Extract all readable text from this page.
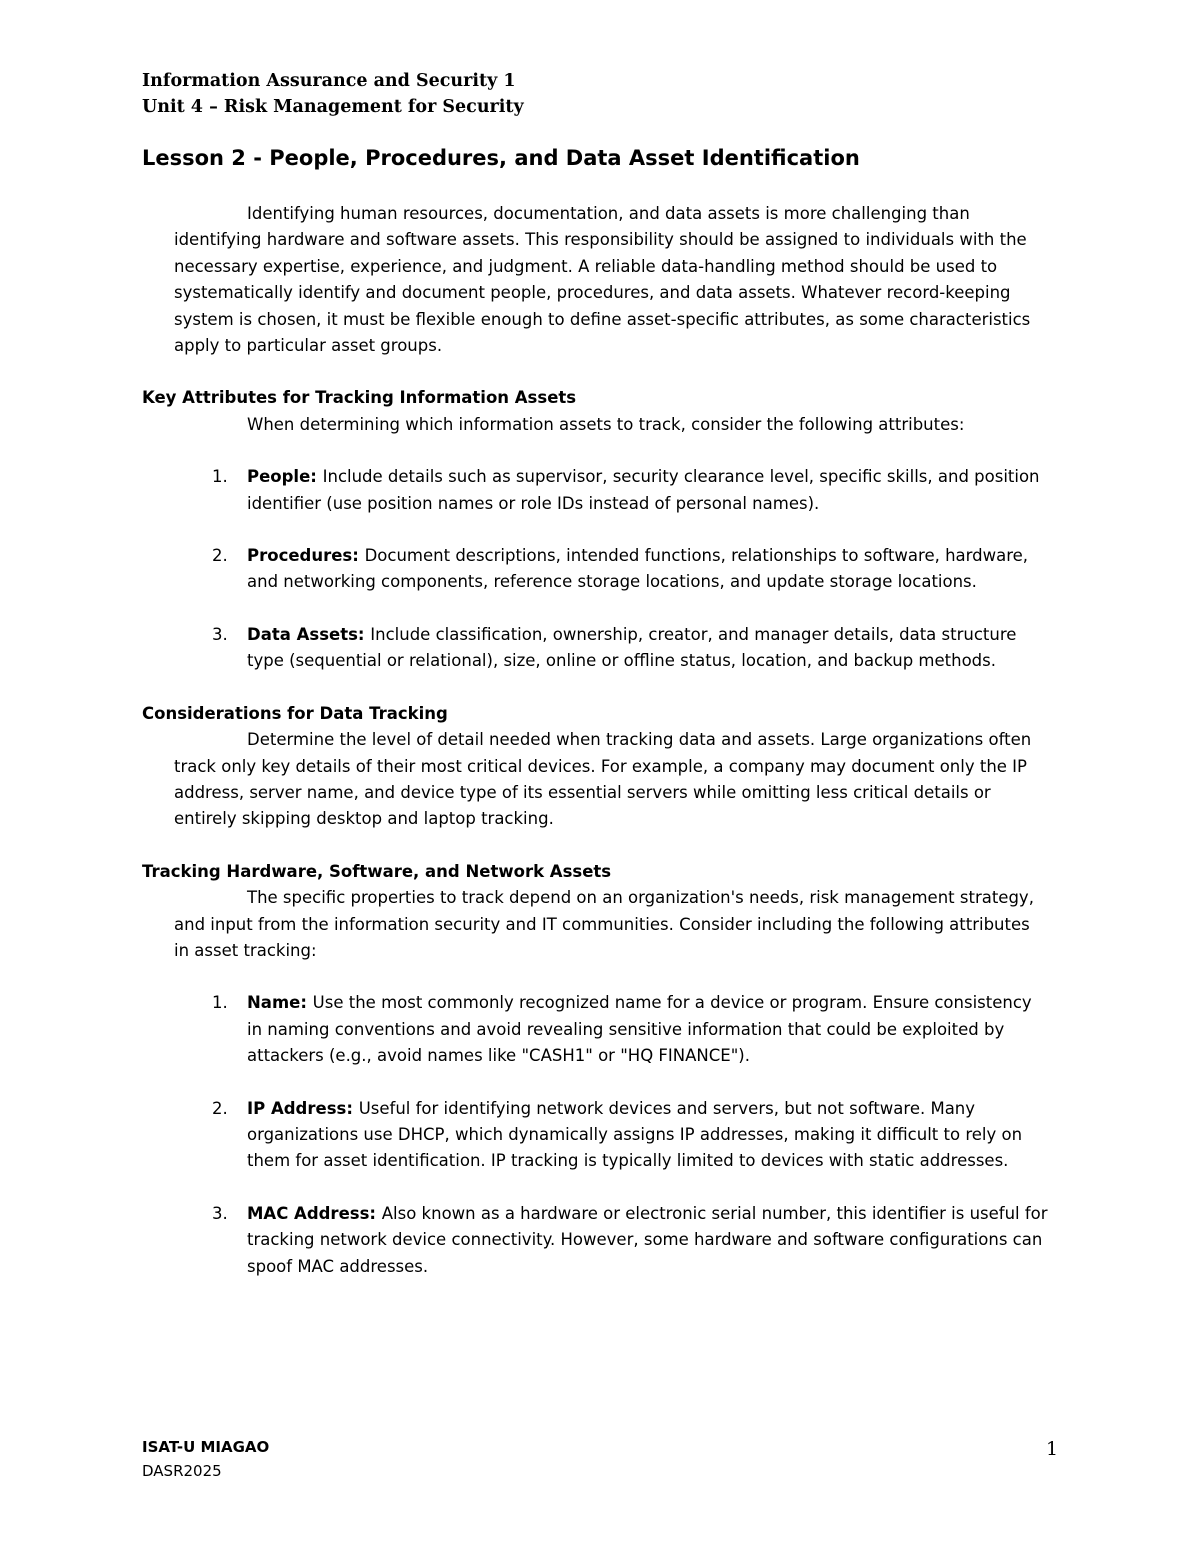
Information Assurance and Security 1
Unit 4 – Risk Management for Security
Lesson 2 - People, Procedures, and Data Asset Identification

Identifying human resources, documentation, and data assets is more challenging than identifying hardware and software assets. This responsibility should be assigned to individuals with the necessary expertise, experience, and judgment. A reliable data-handling method should be used to systematically identify and document people, procedures, and data assets. Whatever record-keeping system is chosen, it must be flexible enough to define asset-specific attributes, as some characteristics apply to particular asset groups.

Key Attributes for Tracking Information Assets

When determining which information assets to track, consider the following attributes:

1. People: Include details such as supervisor, security clearance level, specific skills, and position identifier (use position names or role IDs instead of personal names).
2. Procedures: Document descriptions, intended functions, relationships to software, hardware, and networking components, reference storage locations, and update storage locations.
3. Data Assets: Include classification, ownership, creator, and manager details, data structure type (sequential or relational), size, online or offline status, location, and backup methods.

Considerations for Data Tracking

Determine the level of detail needed when tracking data and assets. Large organizations often track only key details of their most critical devices. For example, a company may document only the IP address, server name, and device type of its essential servers while omitting less critical details or entirely skipping desktop and laptop tracking.

Tracking Hardware, Software, and Network Assets

The specific properties to track depend on an organization's needs, risk management strategy, and input from the information security and IT communities. Consider including the following attributes in asset tracking:

1. Name: Use the most commonly recognized name for a device or program. Ensure consistency in naming conventions and avoid revealing sensitive information that could be exploited by attackers (e.g., avoid names like "CASH1" or "HQ FINANCE").
2. IP Address: Useful for identifying network devices and servers, but not software. Many organizations use DHCP, which dynamically assigns IP addresses, making it difficult to rely on them for asset identification. IP tracking is typically limited to devices with static addresses.
3. MAC Address: Also known as a hardware or electronic serial number, this identifier is useful for tracking network device connectivity. However, some hardware and software configurations can spoof MAC addresses.
ISAT-U MIAGAO
DASR2025
1
